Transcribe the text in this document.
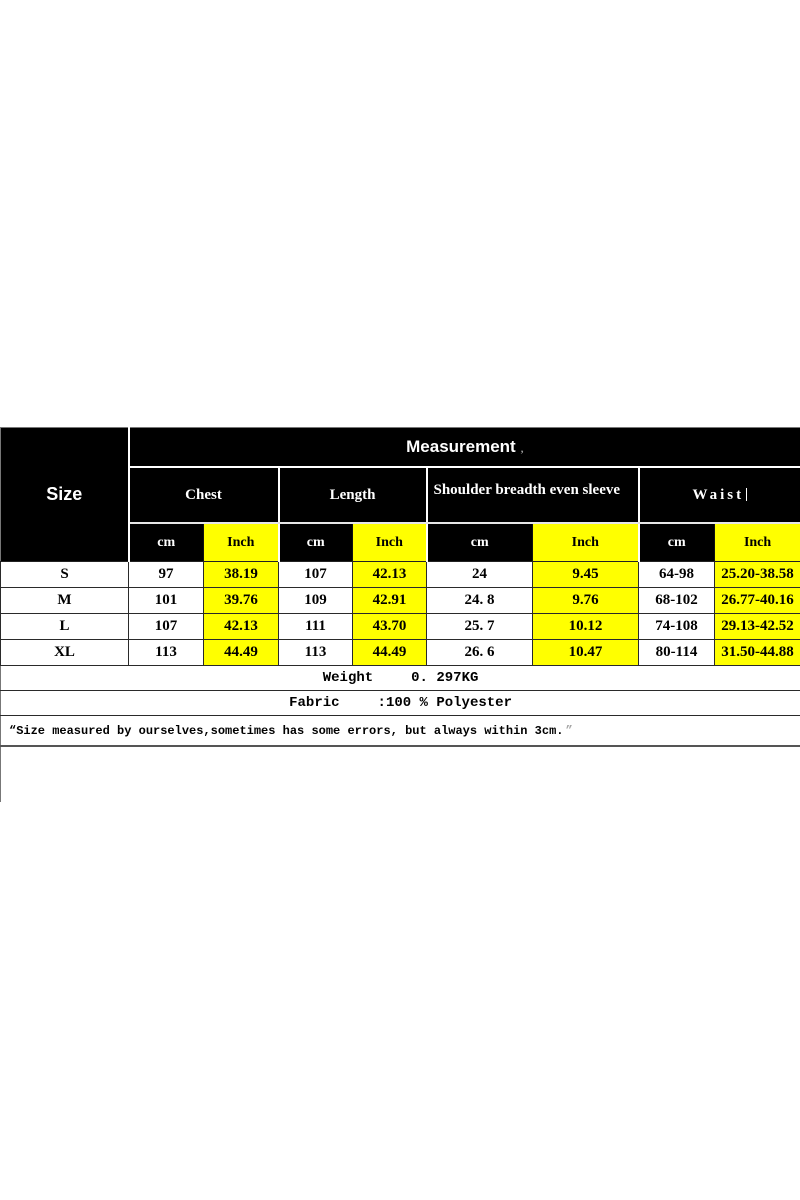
Size	Measurement ,							
	Chest		Length		Shoulder breadth even sleeve		Waist	
	cm	Inch	cm	Inch	cm	Inch	cm	Inch
S	97	38.19	107	42.13	24	9.45	64-98	25.20-38.58
M	101	39.76	109	42.91	24. 8	9.76	68-102	26.77-40.16
L	107	42.13	111	43.70	25. 7	10.12	74-108	29.13-42.52
XL	113	44.49	113	44.49	26. 6	10.47	80-114	31.50-44.88
Weight 0. 297KG								
Fabric :100 % Polyester								
“Size measured by ourselves,sometimes has some errors, but always within 3cm. ”								
